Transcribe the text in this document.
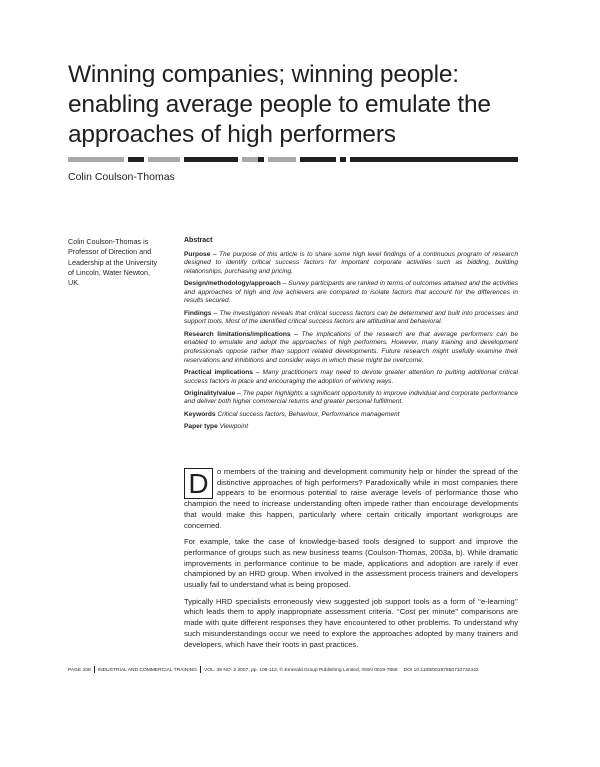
Winning companies; winning people: enabling average people to emulate the approaches of high performers

Colin Coulson-Thomas

Colin Coulson-Thomas is Professor of Direction and Leadership at the University of Lincoln, Water Newton, UK.

Abstract

Purpose – The purpose of this article is to share some high level findings of a continuous program of research designed to identify critical success factors for important corporate activities such as bidding, building relationships, purchasing and pricing.

Design/methodology/approach – Survey participants are ranked in terms of outcomes attained and the activities and approaches of high and low achievers are compared to isolate factors that account for the differences in results secured.

Findings – The investigation reveals that critical success factors can be determined and built into processes and support tools. Most of the identified critical success factors are attitudinal and behavioral.

Research limitations/implications – The implications of the research are that average performers can be enabled to emulate and adopt the approaches of high performers. However, many training and development professionals oppose rather than support related developments. Future research might usefully examine their reservations and inhibitions and consider ways in which these might be overcome.

Practical implications – Many practitioners may need to devote greater attention to putting additional critical success factors in place and encouraging the adoption of winning ways.

Originality/value – The paper highlights a significant opportunity to improve individual and corporate performance and deliver both higher commercial returns and greater personal fulfillment.

Keywords Critical success factors, Behaviour, Performance management

Paper type Viewpoint

D	o members of the training and development community help or hinder the spread of the distinctive approaches of high performers? Paradoxically while in most companies there appears to be enormous potential to raise average levels of performance those who champion the need to increase understanding often impede rather than encourage developments that would make this happen, particularly where certain critically important workgroups are concerned.

For example, take the case of knowledge-based tools designed to support and improve the performance of groups such as new business teams (Coulson-Thomas, 2003a, b). While dramatic improvements in performance continue to be made, applications and adoption are rarely if ever championed by an HRD group. When involved in the assessment process trainers and developers usually fail to understand what is being proposed.

Typically HRD specialists erroneously view suggested job support tools as a form of ‘‘e-learning’’ which leads them to apply inappropriate assessment criteria. ‘‘Cost per minute’’ comparisons are made with quite different responses they have encountered to other problems. To understand why such misunderstandings occur we need to explore the approaches adopted by many trainers and developers, which have their roots in past practices.

PAGE 108 INDUSTRIAL AND COMMERCIAL TRAINING VOL. 39 NO. 2 2007, pp. 108-112, © Emerald Group Publishing Limited, ISSN 0019-7858 DOI 10.1108/00197850710732442
